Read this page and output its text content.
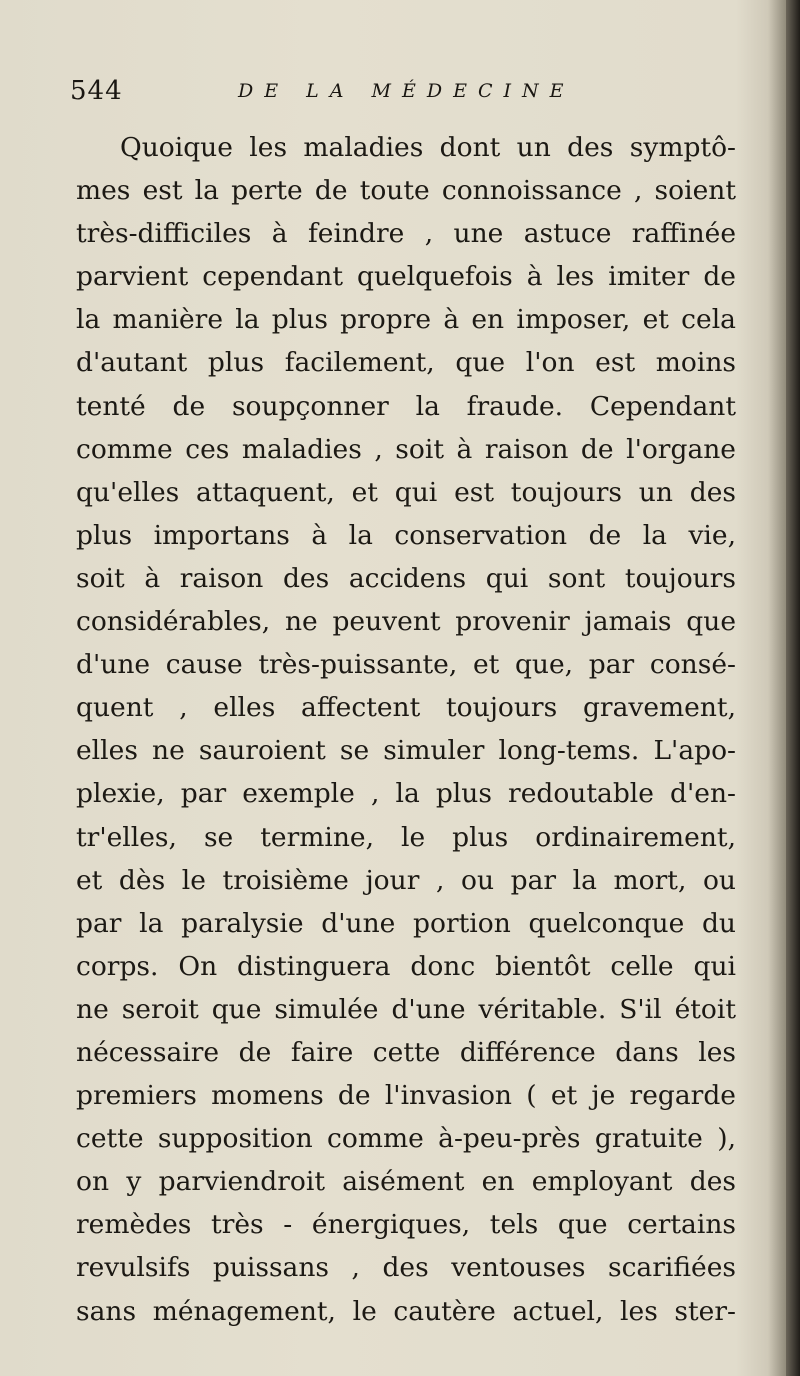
544	DE LA MÉDECINE
Quoique les maladies dont un des symptô-
mes est la perte de toute connoissance , soient
très-difficiles à feindre , une astuce raffinée
parvient cependant quelquefois à les imiter de
la manière la plus propre à en imposer, et cela
d'autant plus facilement, que l'on est moins
tenté de soupçonner la fraude. Cependant
comme ces maladies , soit à raison de l'organe
qu'elles attaquent, et qui est toujours un des
plus importans à la conservation de la vie,
soit à raison des accidens qui sont toujours
considérables, ne peuvent provenir jamais que
d'une cause très-puissante, et que, par consé-
quent , elles affectent toujours gravement,
elles ne sauroient se simuler long-tems. L'apo-
plexie, par exemple , la plus redoutable d'en-
tr'elles, se termine, le plus ordinairement,
et dès le troisième jour , ou par la mort, ou
par la paralysie d'une portion quelconque du
corps. On distinguera donc bientôt celle qui
ne seroit que simulée d'une véritable. S'il étoit
nécessaire de faire cette différence dans les
premiers momens de l'invasion ( et je regarde
cette supposition comme à-peu-près gratuite ),
on y parviendroit aisément en employant des
remèdes très - énergiques, tels que certains
revulsifs puissans , des ventouses scarifiées
sans ménagement, le cautère actuel, les ster-
